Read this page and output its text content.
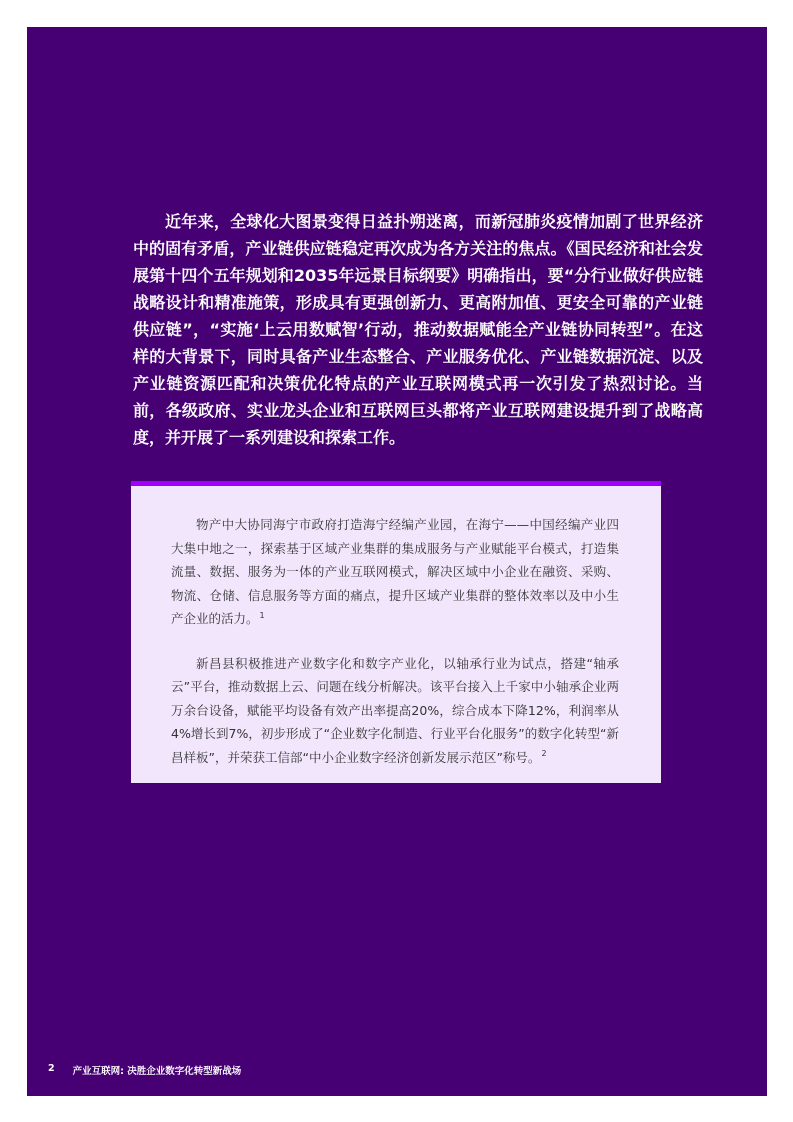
近年来，全球化大图景变得日益扑朔迷离，而新冠肺炎疫情加剧了世界经济中的固有矛盾，产业链供应链稳定再次成为各方关注的焦点。《国民经济和社会发展第十四个五年规划和2035年远景目标纲要》明确指出，要“分行业做好供应链战略设计和精准施策，形成具有更强创新力、更高附加值、更安全可靠的产业链供应链”，“实施‘上云用数赋智’行动，推动数据赋能全产业链协同转型”。在这样的大背景下，同时具备产业生态整合、产业服务优化、产业链数据沉淀、以及产业链资源匹配和决策优化特点的产业互联网模式再一次引发了热烈讨论。当前，各级政府、实业龙头企业和互联网巨头都将产业互联网建设提升到了战略高度，并开展了一系列建设和探索工作。

物产中大协同海宁市政府打造海宁经编产业园，在海宁——中国经编产业四大集中地之一，探索基于区域产业集群的集成服务与产业赋能平台模式，打造集流量、数据、服务为一体的产业互联网模式，解决区域中小企业在融资、采购、物流、仓储、信息服务等方面的痛点，提升区域产业集群的整体效率以及中小生产企业的活力。$^1$

新昌县积极推进产业数字化和数字产业化，以轴承行业为试点，搭建“轴承云”平台，推动数据上云、问题在线分析解决。该平台接入上千家中小轴承企业两万余台设备，赋能平均设备有效产出率提高20%，综合成本下降12%，利润率从4%增长到7%，初步形成了“企业数字化制造、行业平台化服务”的数字化转型“新昌样板”，并荣获工信部“中小企业数字经济创新发展示范区”称号。$^2$

2 产业互联网: 决胜企业数字化转型新战场
